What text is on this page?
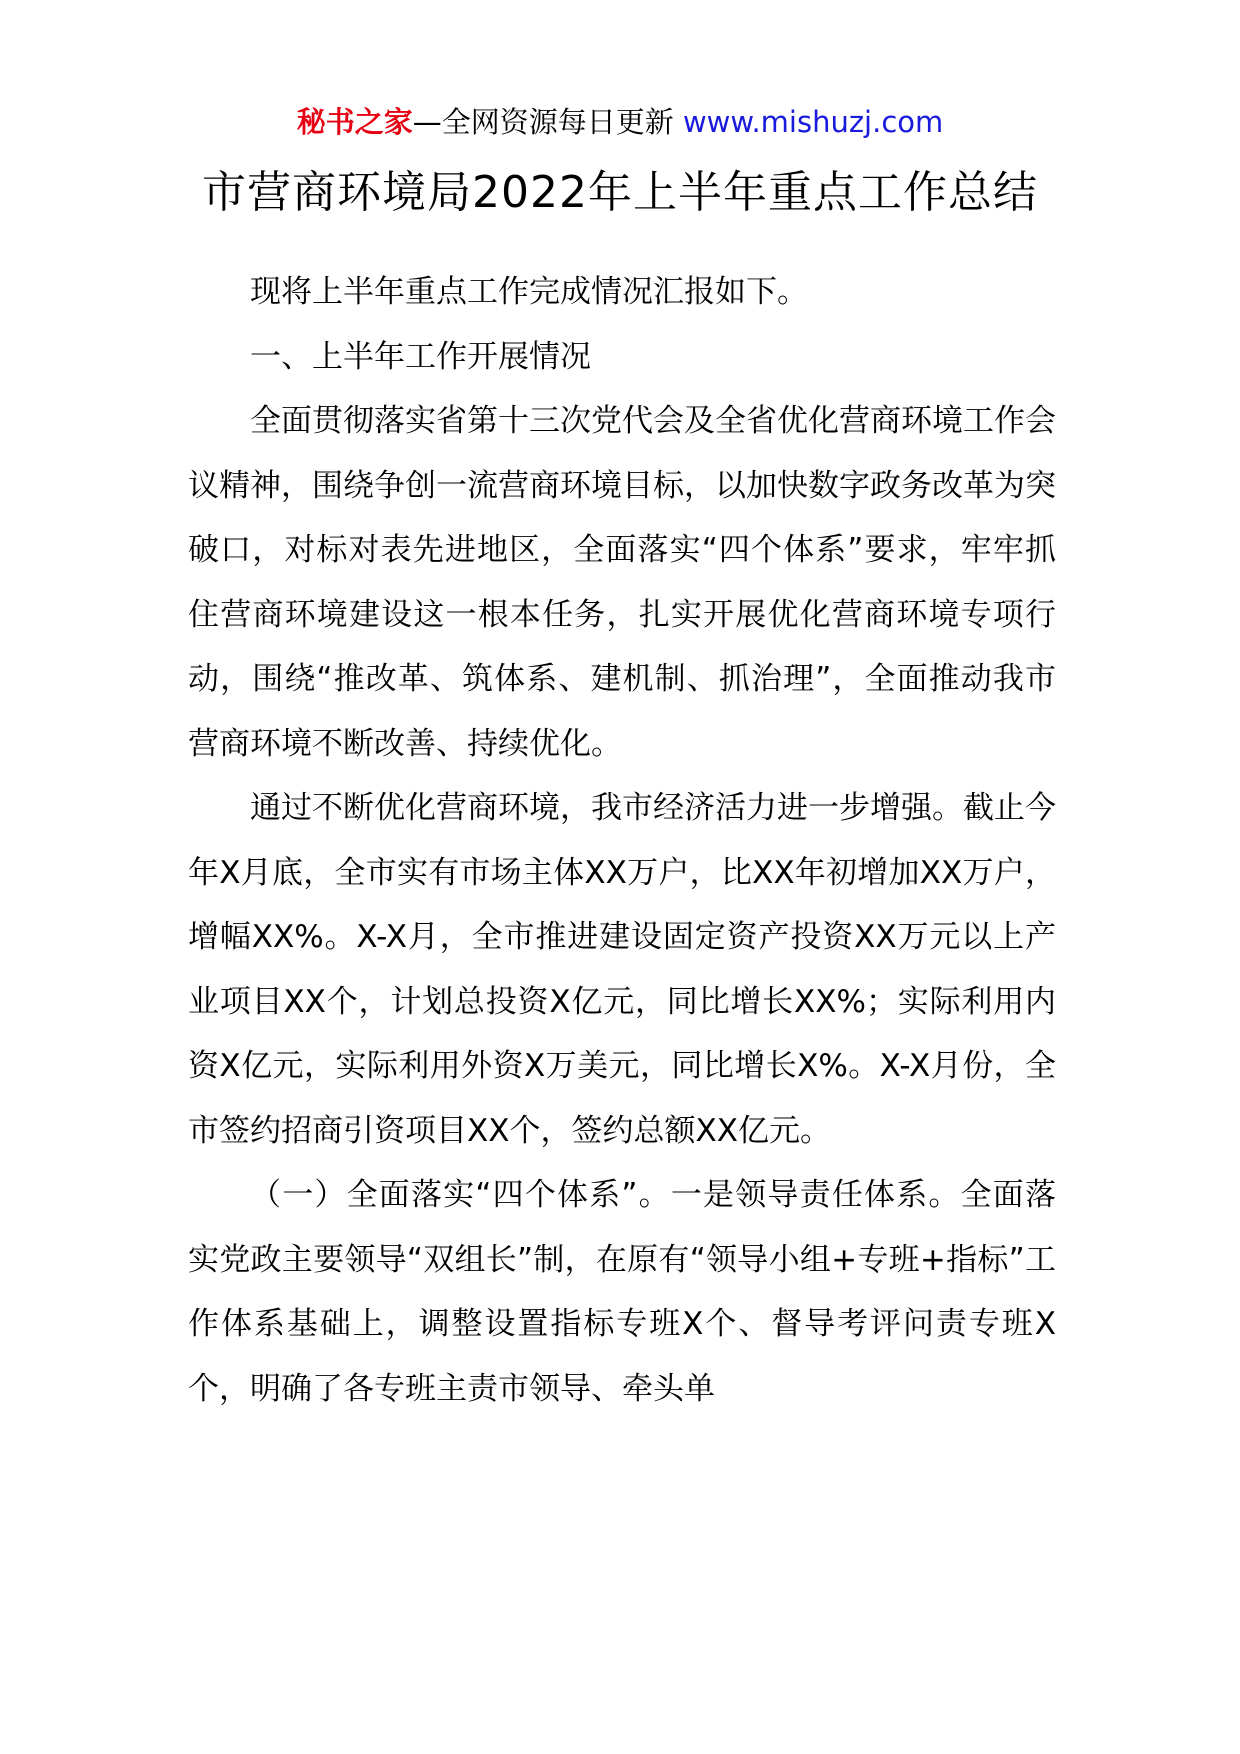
秘书之家—全网资源每日更新 www.mishuzj.com
市营商环境局2022年上半年重点工作总结

现将上半年重点工作完成情况汇报如下。

一、上半年工作开展情况

全面贯彻落实省第十三次党代会及全省优化营商环境工作会议精神，围绕争创一流营商环境目标，以加快数字政务改革为突破口，对标对表先进地区，全面落实“四个体系”要求，牢牢抓住营商环境建设这一根本任务，扎实开展优化营商环境专项行动，围绕“推改革、筑体系、建机制、抓治理”，全面推动我市营商环境不断改善、持续优化。

通过不断优化营商环境，我市经济活力进一步增强。截止今年X月底，全市实有市场主体XX万户，比XX年初增加XX万户，增幅XX%。X-X月，全市推进建设固定资产投资XX万元以上产业项目XX个，计划总投资X亿元，同比增长XX%；实际利用内资X亿元，实际利用外资X万美元，同比增长X%。X-X月份，全市签约招商引资项目XX个，签约总额XX亿元。

（一）全面落实“四个体系”。一是领导责任体系。全面落实党政主要领导“双组长”制，在原有“领导小组+专班+指标”工作体系基础上，调整设置指标专班X个、督导考评问责专班X个，明确了各专班主责市领导、牵头单
